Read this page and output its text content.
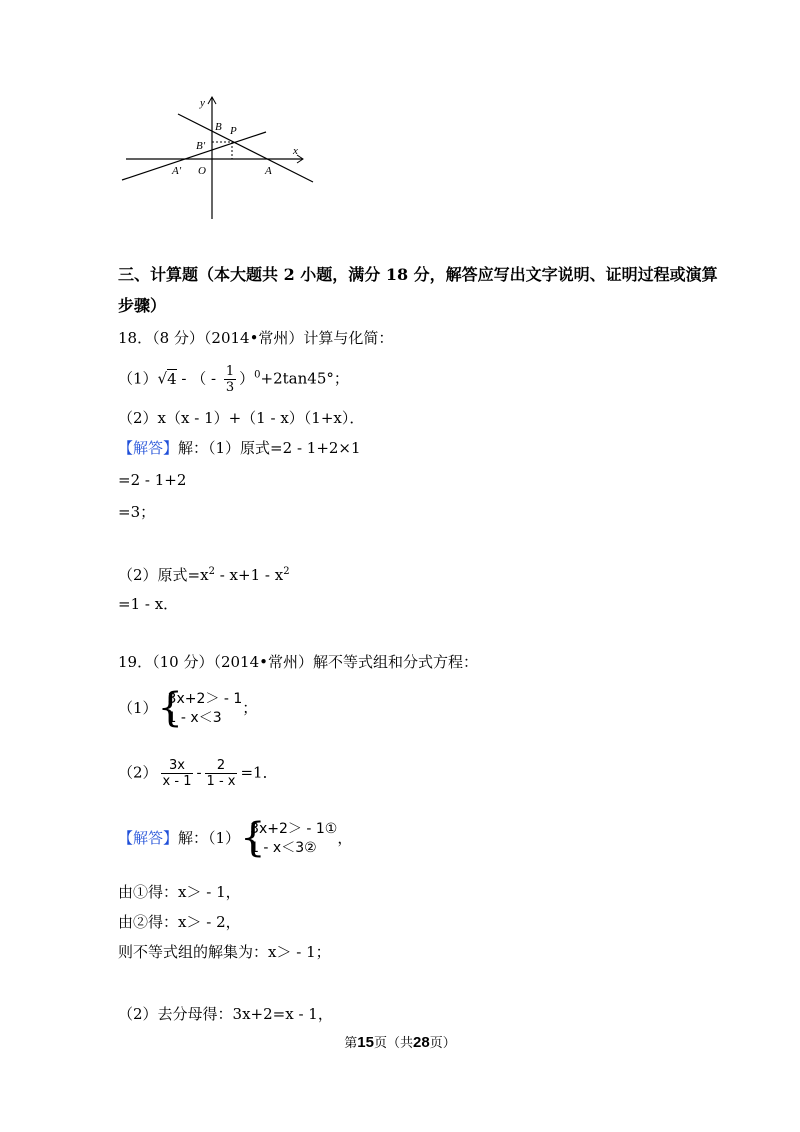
y
x
B P
B′
O
A′	A
三、计算题（本大题共 2 小题，满分 18 分，解答应写出文字说明、证明过程或演算
步骤）
18．（8 分）（2014•常州）计算与化简：
（1）√4 - （ - $\frac{1}{3} )^0+2\tan 45^\circ$；
（2）x（x - 1）+（1 - x）（1+x）．
【解答】解：（1）原式=2 - 1+2×1
=2 - 1+2
=3；
（2）原式$=x^2 - x+1 - x^2$
=1 - x．
19．（10 分）（2014•常州）解不等式组和分式方程：
（1） {
3x+2＞ - 1
1 - x＜3
；
$(2) \frac{3x}{x - 1} - \frac{2}{1 - x} =1$．
【解答】解：（1） {
3x+2＞ - 1①
1 - x＜3②
，
由①得：x＞ - 1，
由②得：x＞ - 2，
则不等式组的解集为：x＞ - 1；
（2）去分母得：3x+2=x - 1，
第15页（共28页）
